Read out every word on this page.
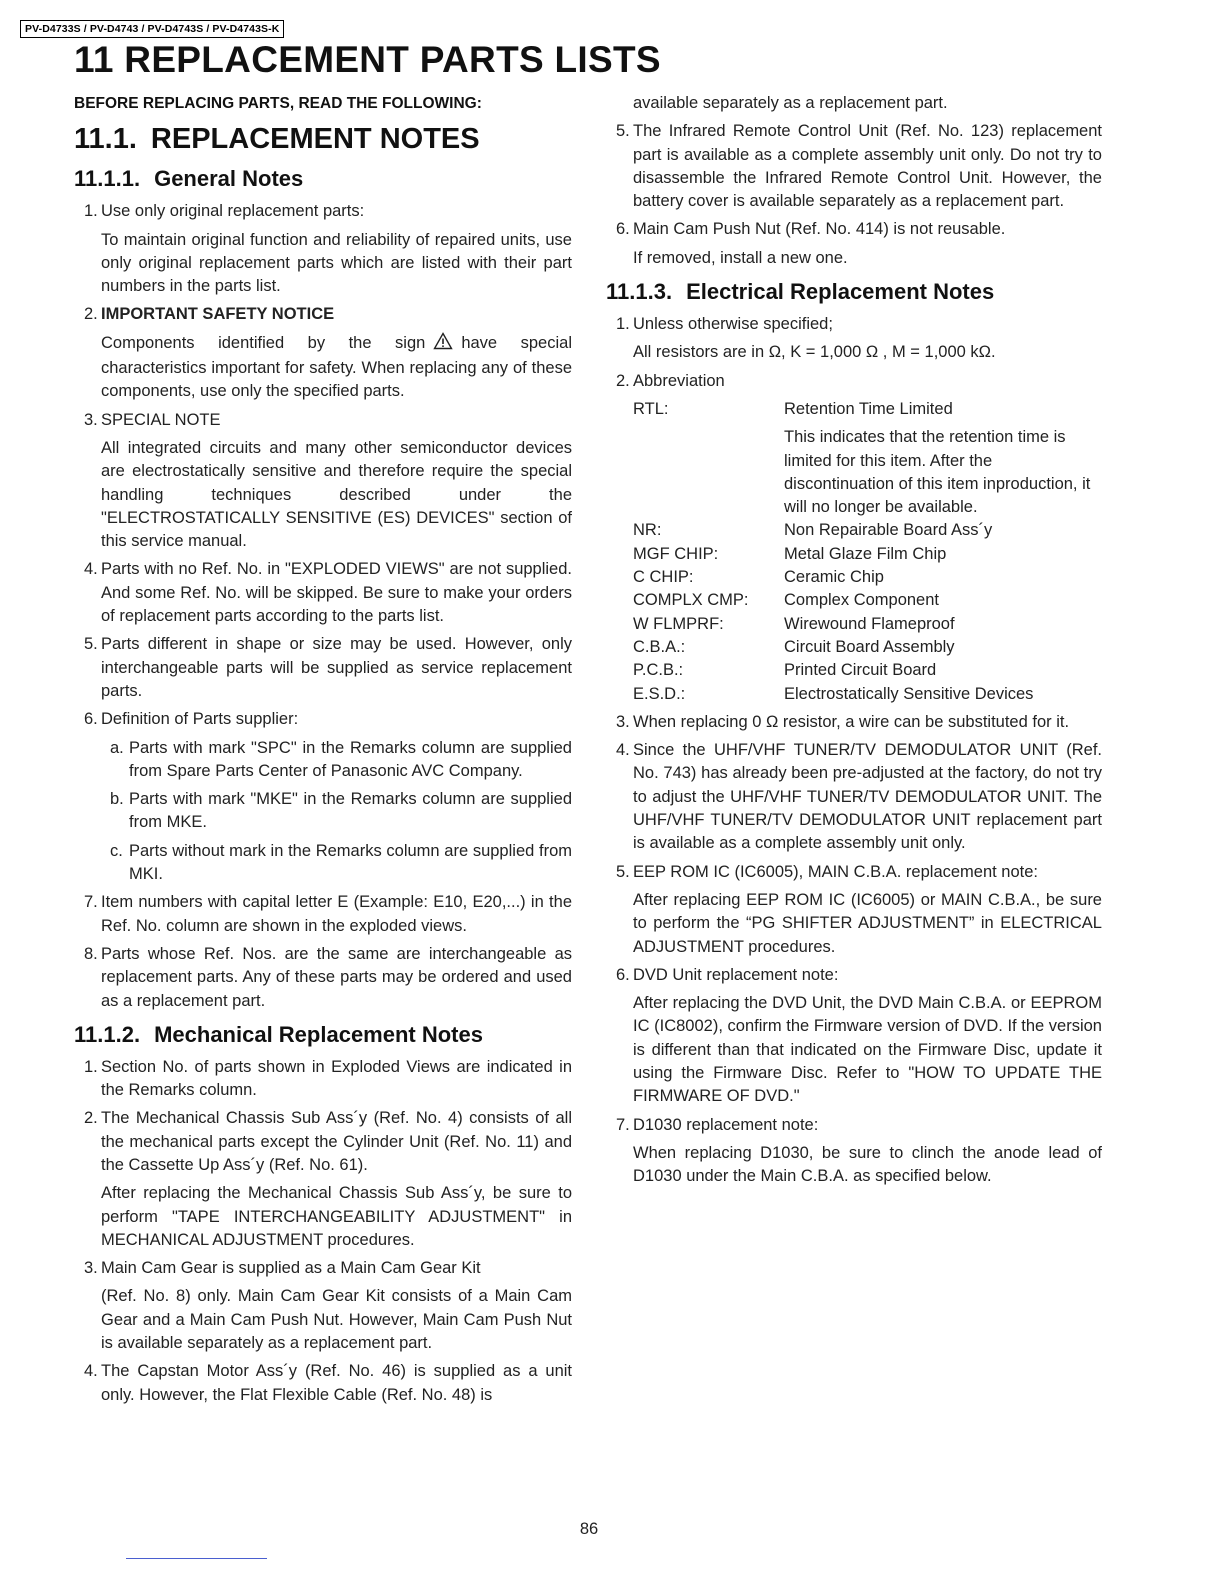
PV-D4733S / PV-D4743 / PV-D4743S / PV-D4743S-K
11 REPLACEMENT PARTS LISTS
BEFORE REPLACING PARTS, READ THE FOLLOWING:
11.1. REPLACEMENT NOTES
11.1.1. General Notes
1. Use only original replacement parts:
To maintain original function and reliability of repaired units, use only original replacement parts which are listed with their part numbers in the parts list.
2. IMPORTANT SAFETY NOTICE
Components identified by the sign have special characteristics important for safety. When replacing any of these components, use only the specified parts.
3. SPECIAL NOTE
All integrated circuits and many other semiconductor devices are electrostatically sensitive and therefore require the special handling techniques described under the "ELECTROSTATICALLY SENSITIVE (ES) DEVICES" section of this service manual.
4. Parts with no Ref. No. in "EXPLODED VIEWS" are not supplied. And some Ref. No. will be skipped. Be sure to make your orders of replacement parts according to the parts list.
5. Parts different in shape or size may be used. However, only interchangeable parts will be supplied as service replacement parts.
6. Definition of Parts supplier:
a. Parts with mark "SPC" in the Remarks column are supplied from Spare Parts Center of Panasonic AVC Company.
b. Parts with mark "MKE" in the Remarks column are supplied from MKE.
c. Parts without mark in the Remarks column are supplied from MKI.
7. Item numbers with capital letter E (Example: E10, E20,...) in the Ref. No. column are shown in the exploded views.
8. Parts whose Ref. Nos. are the same are interchangeable as replacement parts. Any of these parts may be ordered and used as a replacement part.
11.1.2. Mechanical Replacement Notes
1. Section No. of parts shown in Exploded Views are indicated in the Remarks column.
2. The Mechanical Chassis Sub Ass´y (Ref. No. 4) consists of all the mechanical parts except the Cylinder Unit (Ref. No. 11) and the Cassette Up Ass´y (Ref. No. 61).
After replacing the Mechanical Chassis Sub Ass´y, be sure to perform "TAPE INTERCHANGEABILITY ADJUSTMENT" in MECHANICAL ADJUSTMENT procedures.
3. Main Cam Gear is supplied as a Main Cam Gear Kit
(Ref. No. 8) only. Main Cam Gear Kit consists of a Main Cam Gear and a Main Cam Push Nut. However, Main Cam Push Nut is available separately as a replacement part.
4. The Capstan Motor Ass´y (Ref. No. 46) is supplied as a unit only. However, the Flat Flexible Cable (Ref. No. 48) is
available separately as a replacement part.
5. The Infrared Remote Control Unit (Ref. No. 123) replacement part is available as a complete assembly unit only. Do not try to disassemble the Infrared Remote Control Unit. However, the battery cover is available separately as a replacement part.
6. Main Cam Push Nut (Ref. No. 414) is not reusable.
If removed, install a new one.
11.1.3. Electrical Replacement Notes
1. Unless otherwise specified;
All resistors are in Ω, K = 1,000 Ω , M = 1,000 kΩ.
2. Abbreviation
RTL:	Retention Time Limited
This indicates that the retention time is limited for this item. After the discontinuation of this item inproduction, it will no longer be available.

NR:	Non Repairable Board Ass´y
MGF CHIP:	Metal Glaze Film Chip
C CHIP:	Ceramic Chip
COMPLX CMP:	Complex Component
W FLMPRF:	Wirewound Flameproof
C.B.A.:	Circuit Board Assembly
P.C.B.:	Printed Circuit Board
E.S.D.:	Electrostatically Sensitive Devices
3. When replacing 0 Ω resistor, a wire can be substituted for it.
4. Since the UHF/VHF TUNER/TV DEMODULATOR UNIT (Ref. No. 743) has already been pre-adjusted at the factory, do not try to adjust the UHF/VHF TUNER/TV DEMODULATOR UNIT. The UHF/VHF TUNER/TV DEMODULATOR UNIT replacement part is available as a complete assembly unit only.
5. EEP ROM IC (IC6005), MAIN C.B.A. replacement note:
After replacing EEP ROM IC (IC6005) or MAIN C.B.A., be sure to perform the “PG SHIFTER ADJUSTMENT” in ELECTRICAL ADJUSTMENT procedures.
6. DVD Unit replacement note:
After replacing the DVD Unit, the DVD Main C.B.A. or EEPROM IC (IC8002), confirm the Firmware version of DVD. If the version is different than that indicated on the Firmware Disc, update it using the Firmware Disc. Refer to "HOW TO UPDATE THE FIRMWARE OF DVD."
7. D1030 replacement note:
When replacing D1030, be sure to clinch the anode lead of D1030 under the Main C.B.A. as specified below.
86
